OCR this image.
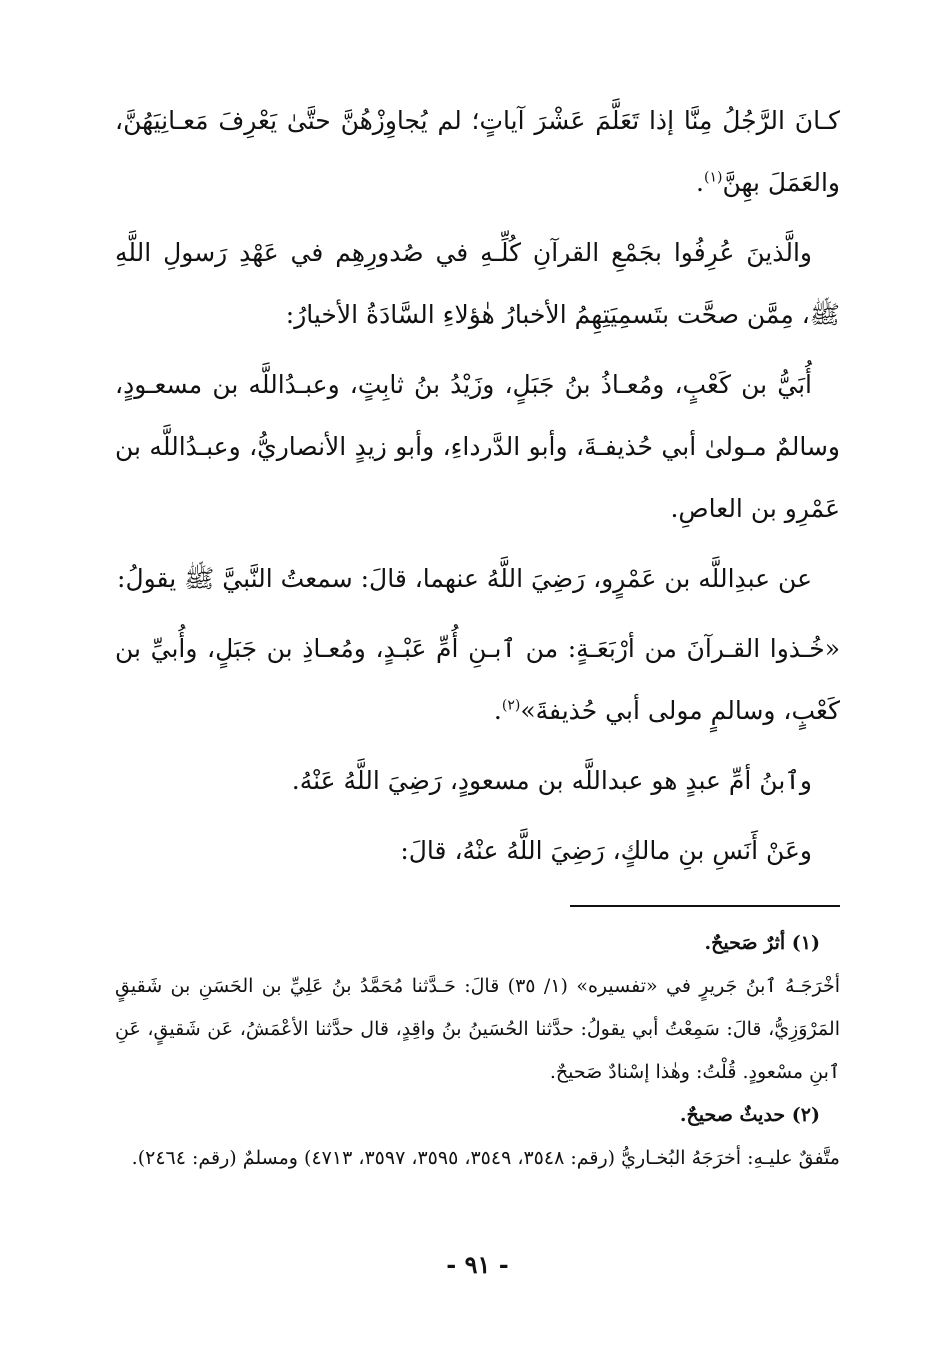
كـانَ الرَّجُلُ مِنَّا إذا تَعَلَّمَ عَشْرَ آياتٍ؛ لم يُجاوِزْهُنَّ حتَّىٰ يَعْرِفَ مَعـانِيَهُنَّ، والعَمَلَ بهِنَّ$^{(١)}$.

والَّذينَ عُرِفُوا بجَمْعِ القرآنِ كُلِّـهِ في صُدورِهِم في عَهْدِ رَسولِ اللَّهِ ﷺ، مِمَّن صحَّت بتَسمِيَتِهِمُ الأخبارُ هٰؤلاءِ السَّادَةُ الأخيارُ:

أُبَيُّ بن كَعْبٍ، ومُعـاذُ بنُ جَبَلٍ، وزَيْدُ بنُ ثابِتٍ، وعبـدُاللَّه بن مسعـودٍ، وسالمٌ مـولىٰ أبي حُذيفـةَ، وأبو الدَّرداءِ، وأبو زيدٍ الأنصاريُّ، وعبـدُاللَّه بن عَمْرِو بن العاصِ.

عن عبدِاللَّه بن عَمْرٍو، رَضِيَ اللَّهُ عنهما، قالَ: سمعتُ النَّبيَّ ﷺ يقولُ:

«خُـذوا القـرآنَ من أرْبَعَـةٍ: من ٱبـنِ أُمِّ عَبْـدٍ، ومُعـاذِ بن جَبَلٍ، وأُبيِّ بن كَعْبٍ، وسالمٍ مولى أبي حُذيفةَ»$^{(٢)}$.

وٱبنُ أمِّ عبدٍ هو عبداللَّه بن مسعودٍ، رَضِيَ اللَّهُ عَنْهُ.

وعَنْ أَنَسِ بنِ مالكٍ، رَضِيَ اللَّهُ عنْهُ، قالَ:

(١) أثرٌ صَحيحٌ.
أخْرَجَـهُ ٱبنُ جَريرٍ في «تفسيره» (١/ ٣٥) قالَ: حَـدَّثنا مُحَمَّدُ بنُ عَلِيِّ بن الحَسَنِ بن شَقيقٍ المَرْوَزِيُّ، قالَ: سَمِعْتُ أبي يقولُ: حدَّثنا الحُسَينُ بنُ واقِدٍ، قال حدَّثنا الأعْمَشُ، عَن شَقيقٍ، عَنِ ٱبنِ مسْعودٍ. قُلْتُ: وهٰذا إسْنادٌ صَحيحٌ.
(٢) حديثٌ صحيحٌ.
متَّفقٌ عليـهِ: أخرَجَهُ البُخـاريُّ (رقم: ٣٥٤٨، ٣٥٤٩، ٣٥٩٥، ٣٥٩٧، ٤٧١٣) ومسلمٌ (رقم: ٢٤٦٤).
- ٩١ -
